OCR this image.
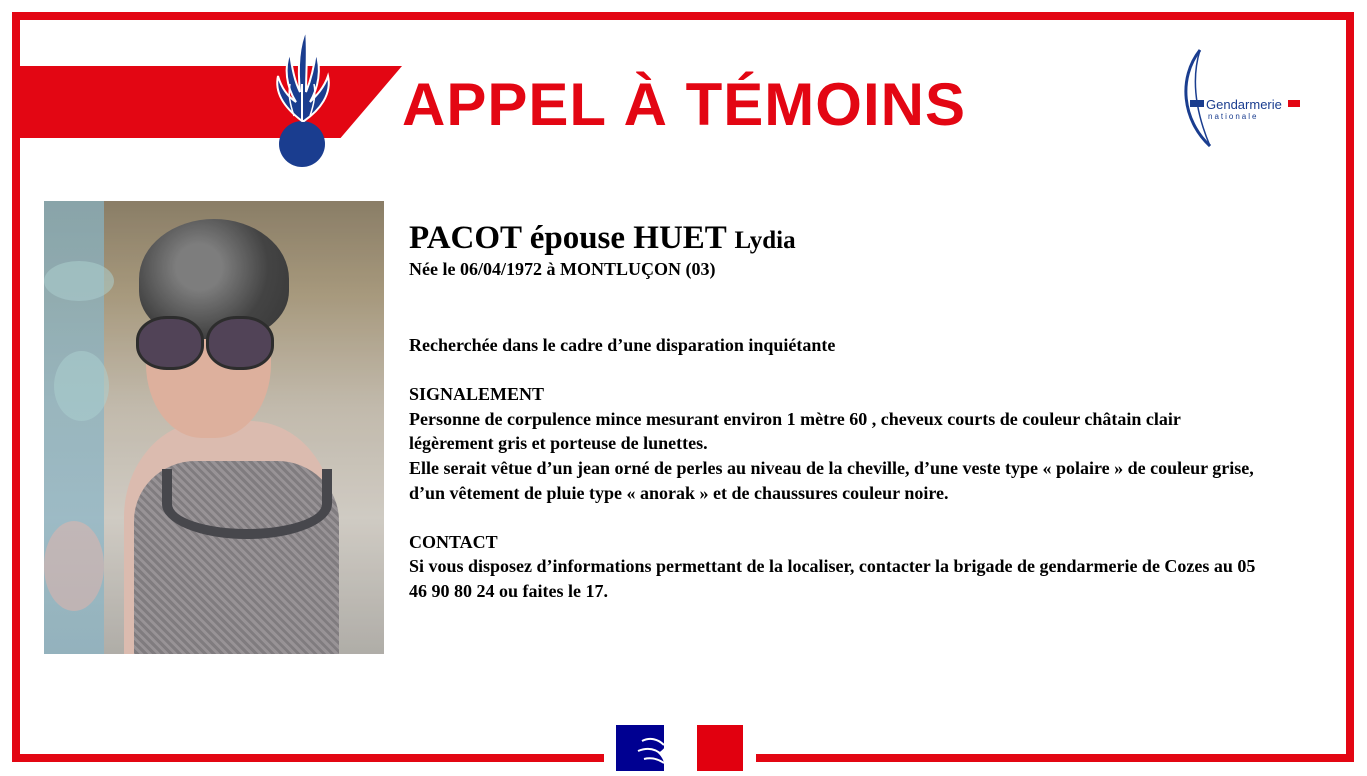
APPEL À TÉMOINS	Gendarmerie
nationale
PACOT épouse HUET Lydia
Née le 06/04/1972 à MONTLUÇON (03)

Recherchée dans le cadre d’une disparation inquiétante

SIGNALEMENT

Personne de corpulence mince mesurant environ 1 mètre 60 , cheveux courts de couleur châtain clair légèrement gris et porteuse de lunettes.

Elle serait vêtue d’un jean orné de perles au niveau de la cheville, d’une veste type « polaire » de couleur grise, d’un vêtement de pluie type « anorak » et de chaussures couleur noire.

CONTACT

Si vous disposez d’informations permettant de la localiser, contacter la brigade de gendarmerie de Cozes au 05 46 90 80 24 ou faites le 17.
